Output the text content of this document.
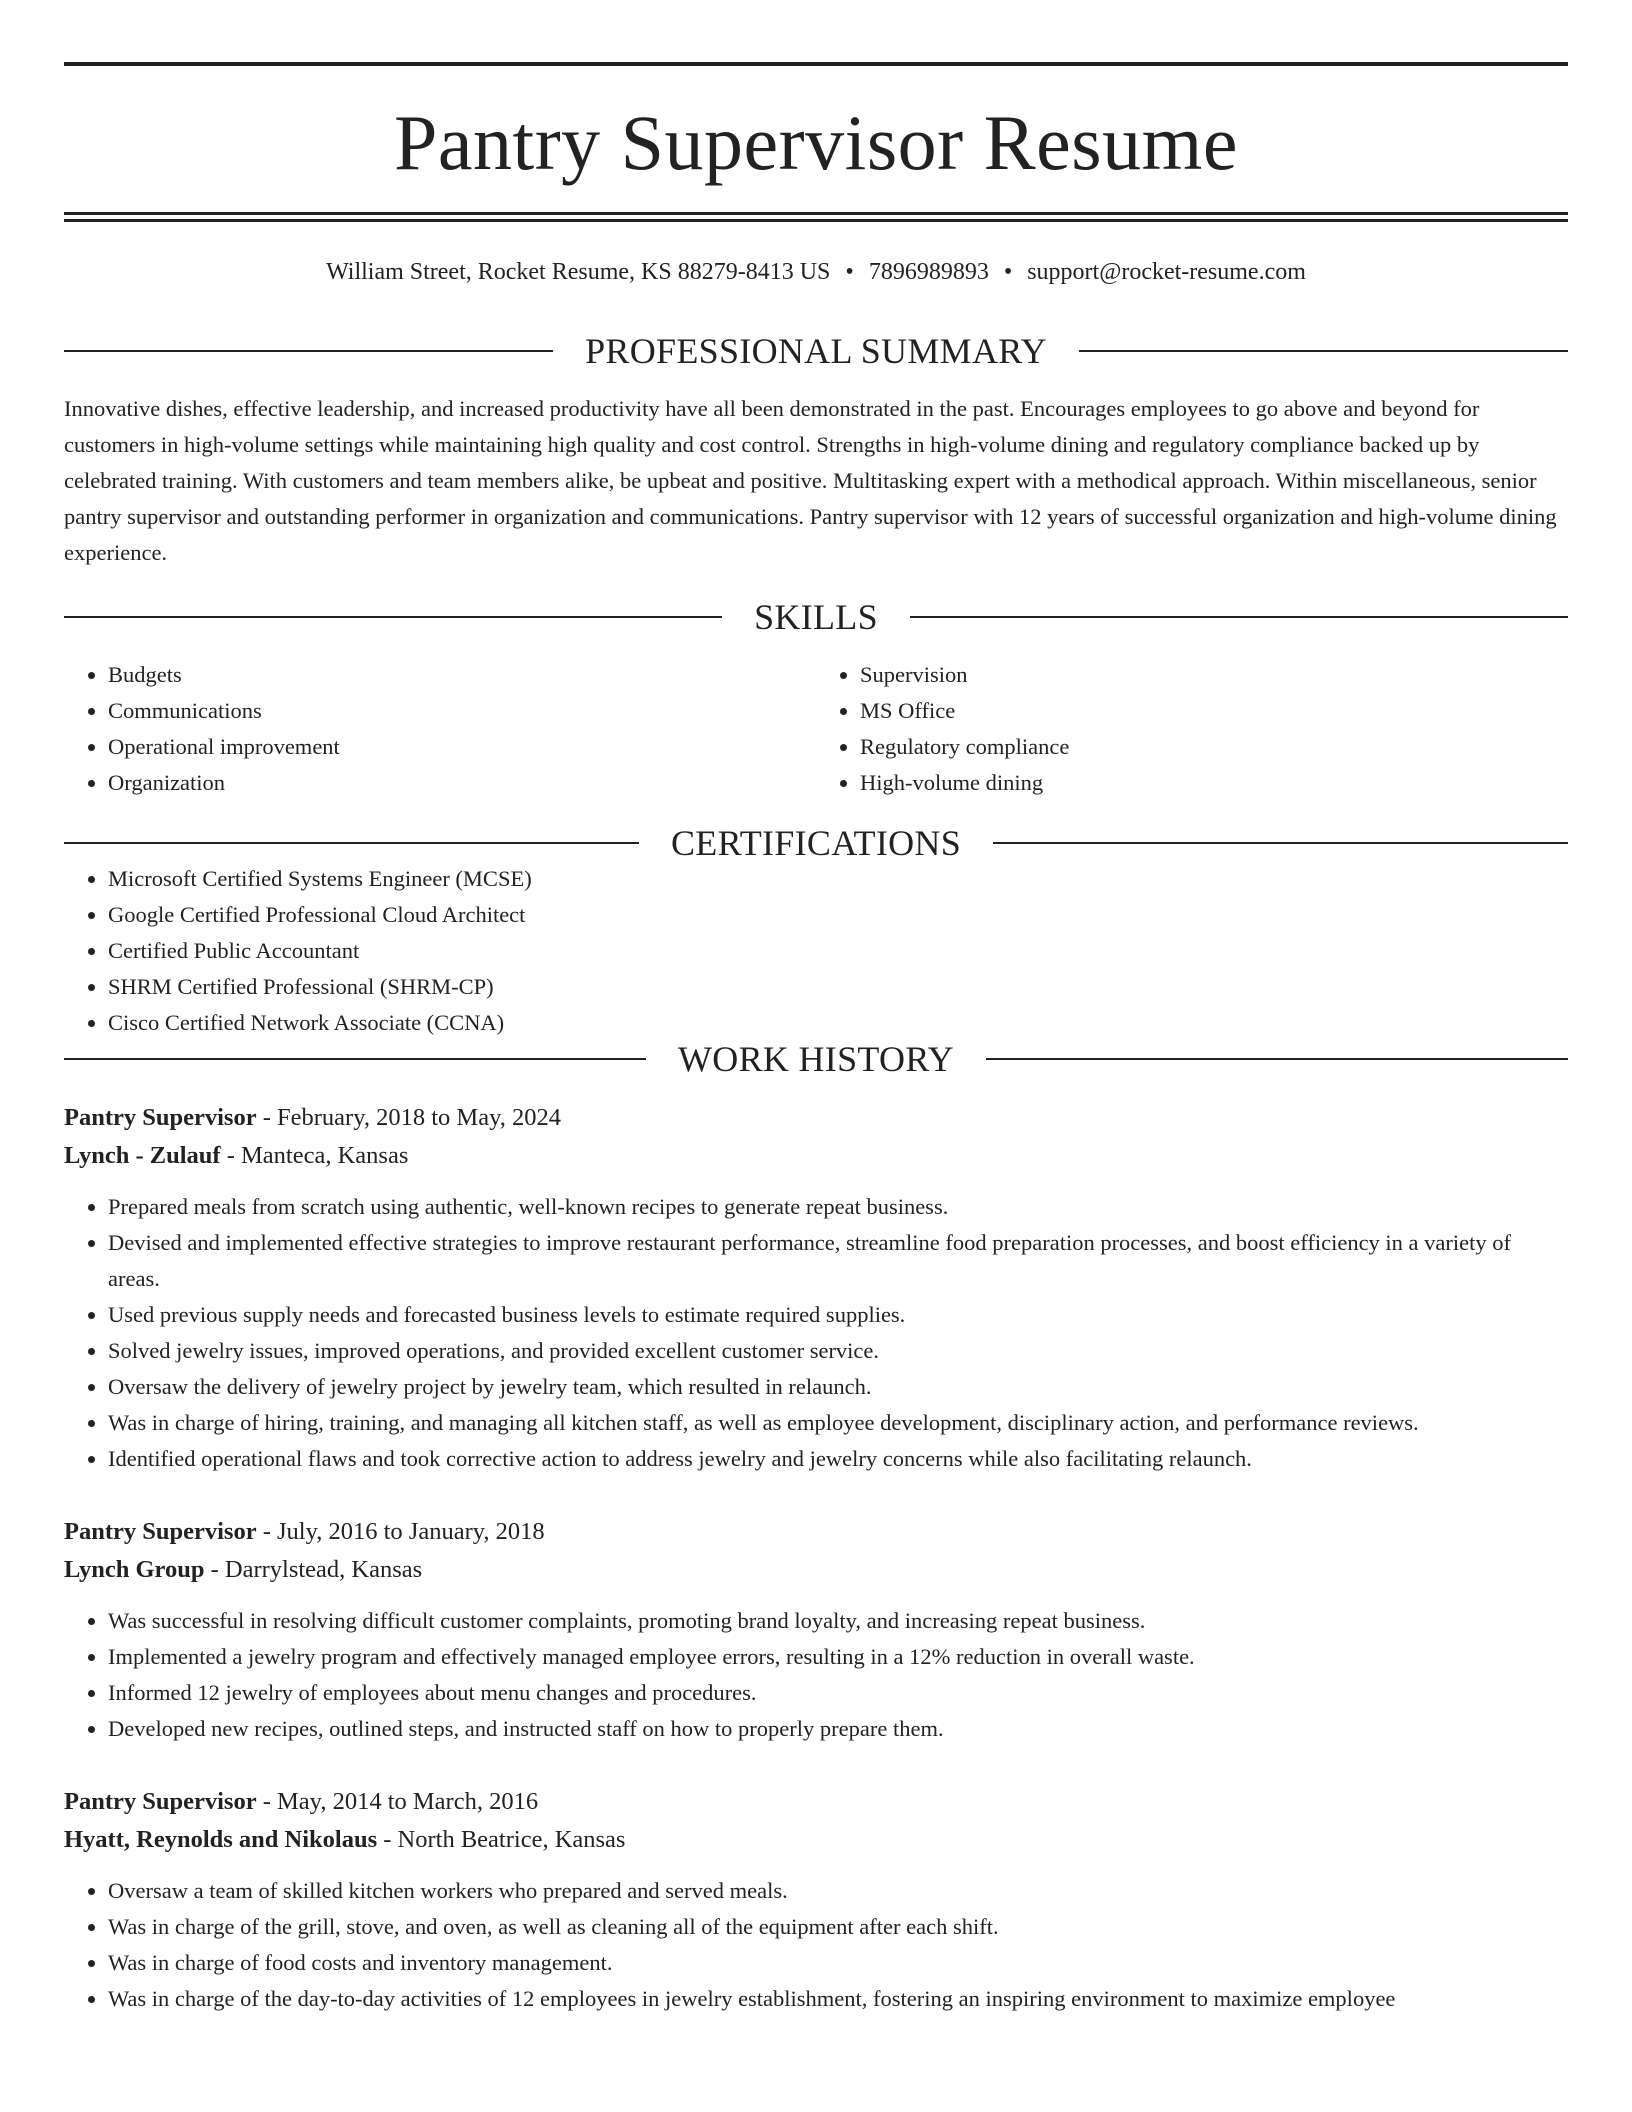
Pantry Supervisor Resume
William Street, Rocket Resume, KS 88279-8413 US • 7896989893 • support@rocket-resume.com
PROFESSIONAL SUMMARY

Innovative dishes, effective leadership, and increased productivity have all been demonstrated in the past. Encourages employees to go above and beyond for customers in high-volume settings while maintaining high quality and cost control. Strengths in high-volume dining and regulatory compliance backed up by celebrated training. With customers and team members alike, be upbeat and positive. Multitasking expert with a methodical approach. Within miscellaneous, senior pantry supervisor and outstanding performer in organization and communications. Pantry supervisor with 12 years of successful organization and high-volume dining experience.

SKILLS
• Budgets
• Communications
• Operational improvement
• Organization
• Supervision
• MS Office
• Regulatory compliance
• High-volume dining
CERTIFICATIONS
• Microsoft Certified Systems Engineer (MCSE)
• Google Certified Professional Cloud Architect
• Certified Public Accountant
• SHRM Certified Professional (SHRM-CP)
• Cisco Certified Network Associate (CCNA)
WORK HISTORY
Pantry Supervisor - February, 2018 to May, 2024
Lynch - Zulauf - Manteca, Kansas
• Prepared meals from scratch using authentic, well-known recipes to generate repeat business.
• Devised and implemented effective strategies to improve restaurant performance, streamline food preparation processes, and boost efficiency in a variety of areas.
• Used previous supply needs and forecasted business levels to estimate required supplies.
• Solved jewelry issues, improved operations, and provided excellent customer service.
• Oversaw the delivery of jewelry project by jewelry team, which resulted in relaunch.
• Was in charge of hiring, training, and managing all kitchen staff, as well as employee development, disciplinary action, and performance reviews.
• Identified operational flaws and took corrective action to address jewelry and jewelry concerns while also facilitating relaunch.
Pantry Supervisor - July, 2016 to January, 2018
Lynch Group - Darrylstead, Kansas
• Was successful in resolving difficult customer complaints, promoting brand loyalty, and increasing repeat business.
• Implemented a jewelry program and effectively managed employee errors, resulting in a 12% reduction in overall waste.
• Informed 12 jewelry of employees about menu changes and procedures.
• Developed new recipes, outlined steps, and instructed staff on how to properly prepare them.
Pantry Supervisor - May, 2014 to March, 2016
Hyatt, Reynolds and Nikolaus - North Beatrice, Kansas
• Oversaw a team of skilled kitchen workers who prepared and served meals.
• Was in charge of the grill, stove, and oven, as well as cleaning all of the equipment after each shift.
• Was in charge of food costs and inventory management.
• Was in charge of the day-to-day activities of 12 employees in jewelry establishment, fostering an inspiring environment to maximize employee
